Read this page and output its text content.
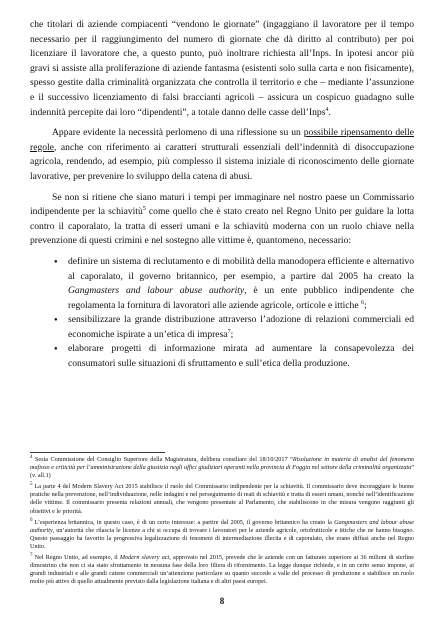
che titolari di aziende compiacenti “vendono le giornate” (ingaggiano il lavoratore per il tempo necessario per il raggiungimento del numero di giornate che dà diritto al contributo) per poi licenziare il lavoratore che, a questo punto, può inoltrare richiesta all’Inps. In ipotesi ancor più gravi si assiste alla proliferazione di aziende fantasma (esistenti solo sulla carta e non fisicamente), spesso gestite dalla criminalità organizzata che controlla il territorio e che – mediante l’assunzione e il successivo licenziamento di falsi braccianti agricoli – assicura un cospicuo guadagno sulle indennità percepite dai loro “dipendenti”, a totale danno delle casse dell’Inps$^4$.

Appare evidente la necessità perlomeno di una riflessione su un possibile ripensamento delle regole, anche con riferimento ai caratteri strutturali essenziali dell’indennità di disoccupazione agricola, rendendo, ad esempio, più complesso il sistema iniziale di riconoscimento delle giornate lavorative, per prevenire lo sviluppo della catena di abusi.

Se non si ritiene che siano maturi i tempi per immaginare nel nostro paese un Commissario indipendente per la schiavitù$^5$ come quello che è stato creato nel Regno Unito per guidare la lotta contro il caporalato, la tratta di esseri umani e la schiavitù moderna con un ruolo chiave nella prevenzione di questi crimini e nel sostegno alle vittime è, quantomeno, necessario:

● definire un sistema di reclutamento e di mobilità della manodopera efficiente e alternativo al caporalato, il governo britannico, per esempio, a partire dal 2005 ha creato la Gangmasters and labour abuse authority, è un ente pubblico indipendente che regolamenta la fornitura di lavoratori alle aziende agricole, orticole e ittiche $^6$;
● sensibilizzare la grande distribuzione attraverso l’adozione di relazioni commerciali ed economiche ispirate a un’etica di impresa$^7$;
● elaborare progetti di informazione mirata ad aumentare la consapevolezza dei consumatori sulle situazioni di sfruttamento e sull’etica della produzione.

$^4$ Sesta Commissione del Consiglio Superiore della Magistratura, delibera consiliare del 18/10/2017 “Risoluzione in materia di analisi del fenomeno mafioso e criticità per l’amministrazione della giustizia negli uffici giudiziari operanti nella provincia di Foggia nel settore della criminalità organizzata” (v. all.1)

$^5$ La parte 4 del Modern Slavery Act 2015 stabilisce il ruolo del Commissario indipendente per la schiavitù. Il commissario deve incoraggiare le buone pratiche nella prevenzione, nell’individuazione, nelle indagini e nel perseguimento di reati di schiavitù e tratta di esseri umani, nonché nell’identificazione delle vittime. Il commissario presenta relazioni annuali, che vengono presentate al Parlamento, che stabiliscono in che misura vengono raggiunti gli obiettivi e le priorità.

$^6$ L’esperienza britannica, in questo caso, è di un certo interesse: a partire dal 2005, il governo britannico ha creato la Gangmasters and labour abuse authority, un’autorità che rilascia le licenze a chi si occupa di trovare i lavoratori per le aziende agricole, ortofrutticole e ittiche che ne hanno bisogno. Questo passaggio ha favorito la progressiva legalizzazione di fenomeni di intermediazione illecita e di caporalato, che erano diffusi anche nel Regno Unito.

$^7$ Nel Regno Unito, ad esempio, il Modern slavery act, approvato nel 2015, prevede che le aziende con un fatturato superiore ai 36 milioni di sterline dimostrino che non ci sia stato sfruttamento in nessuna fase della loro filiera di rifornimento. La legge dunque richiede, e in un certo senso impone, ai grandi industriali e alle grandi catene commerciali un’attenzione particolare su quanto succede a valle del processo di produzione e stabilisce un ruolo molto più attivo di quello attualmente previsto dalla legislazione italiana e di altri paesi europei.

8
